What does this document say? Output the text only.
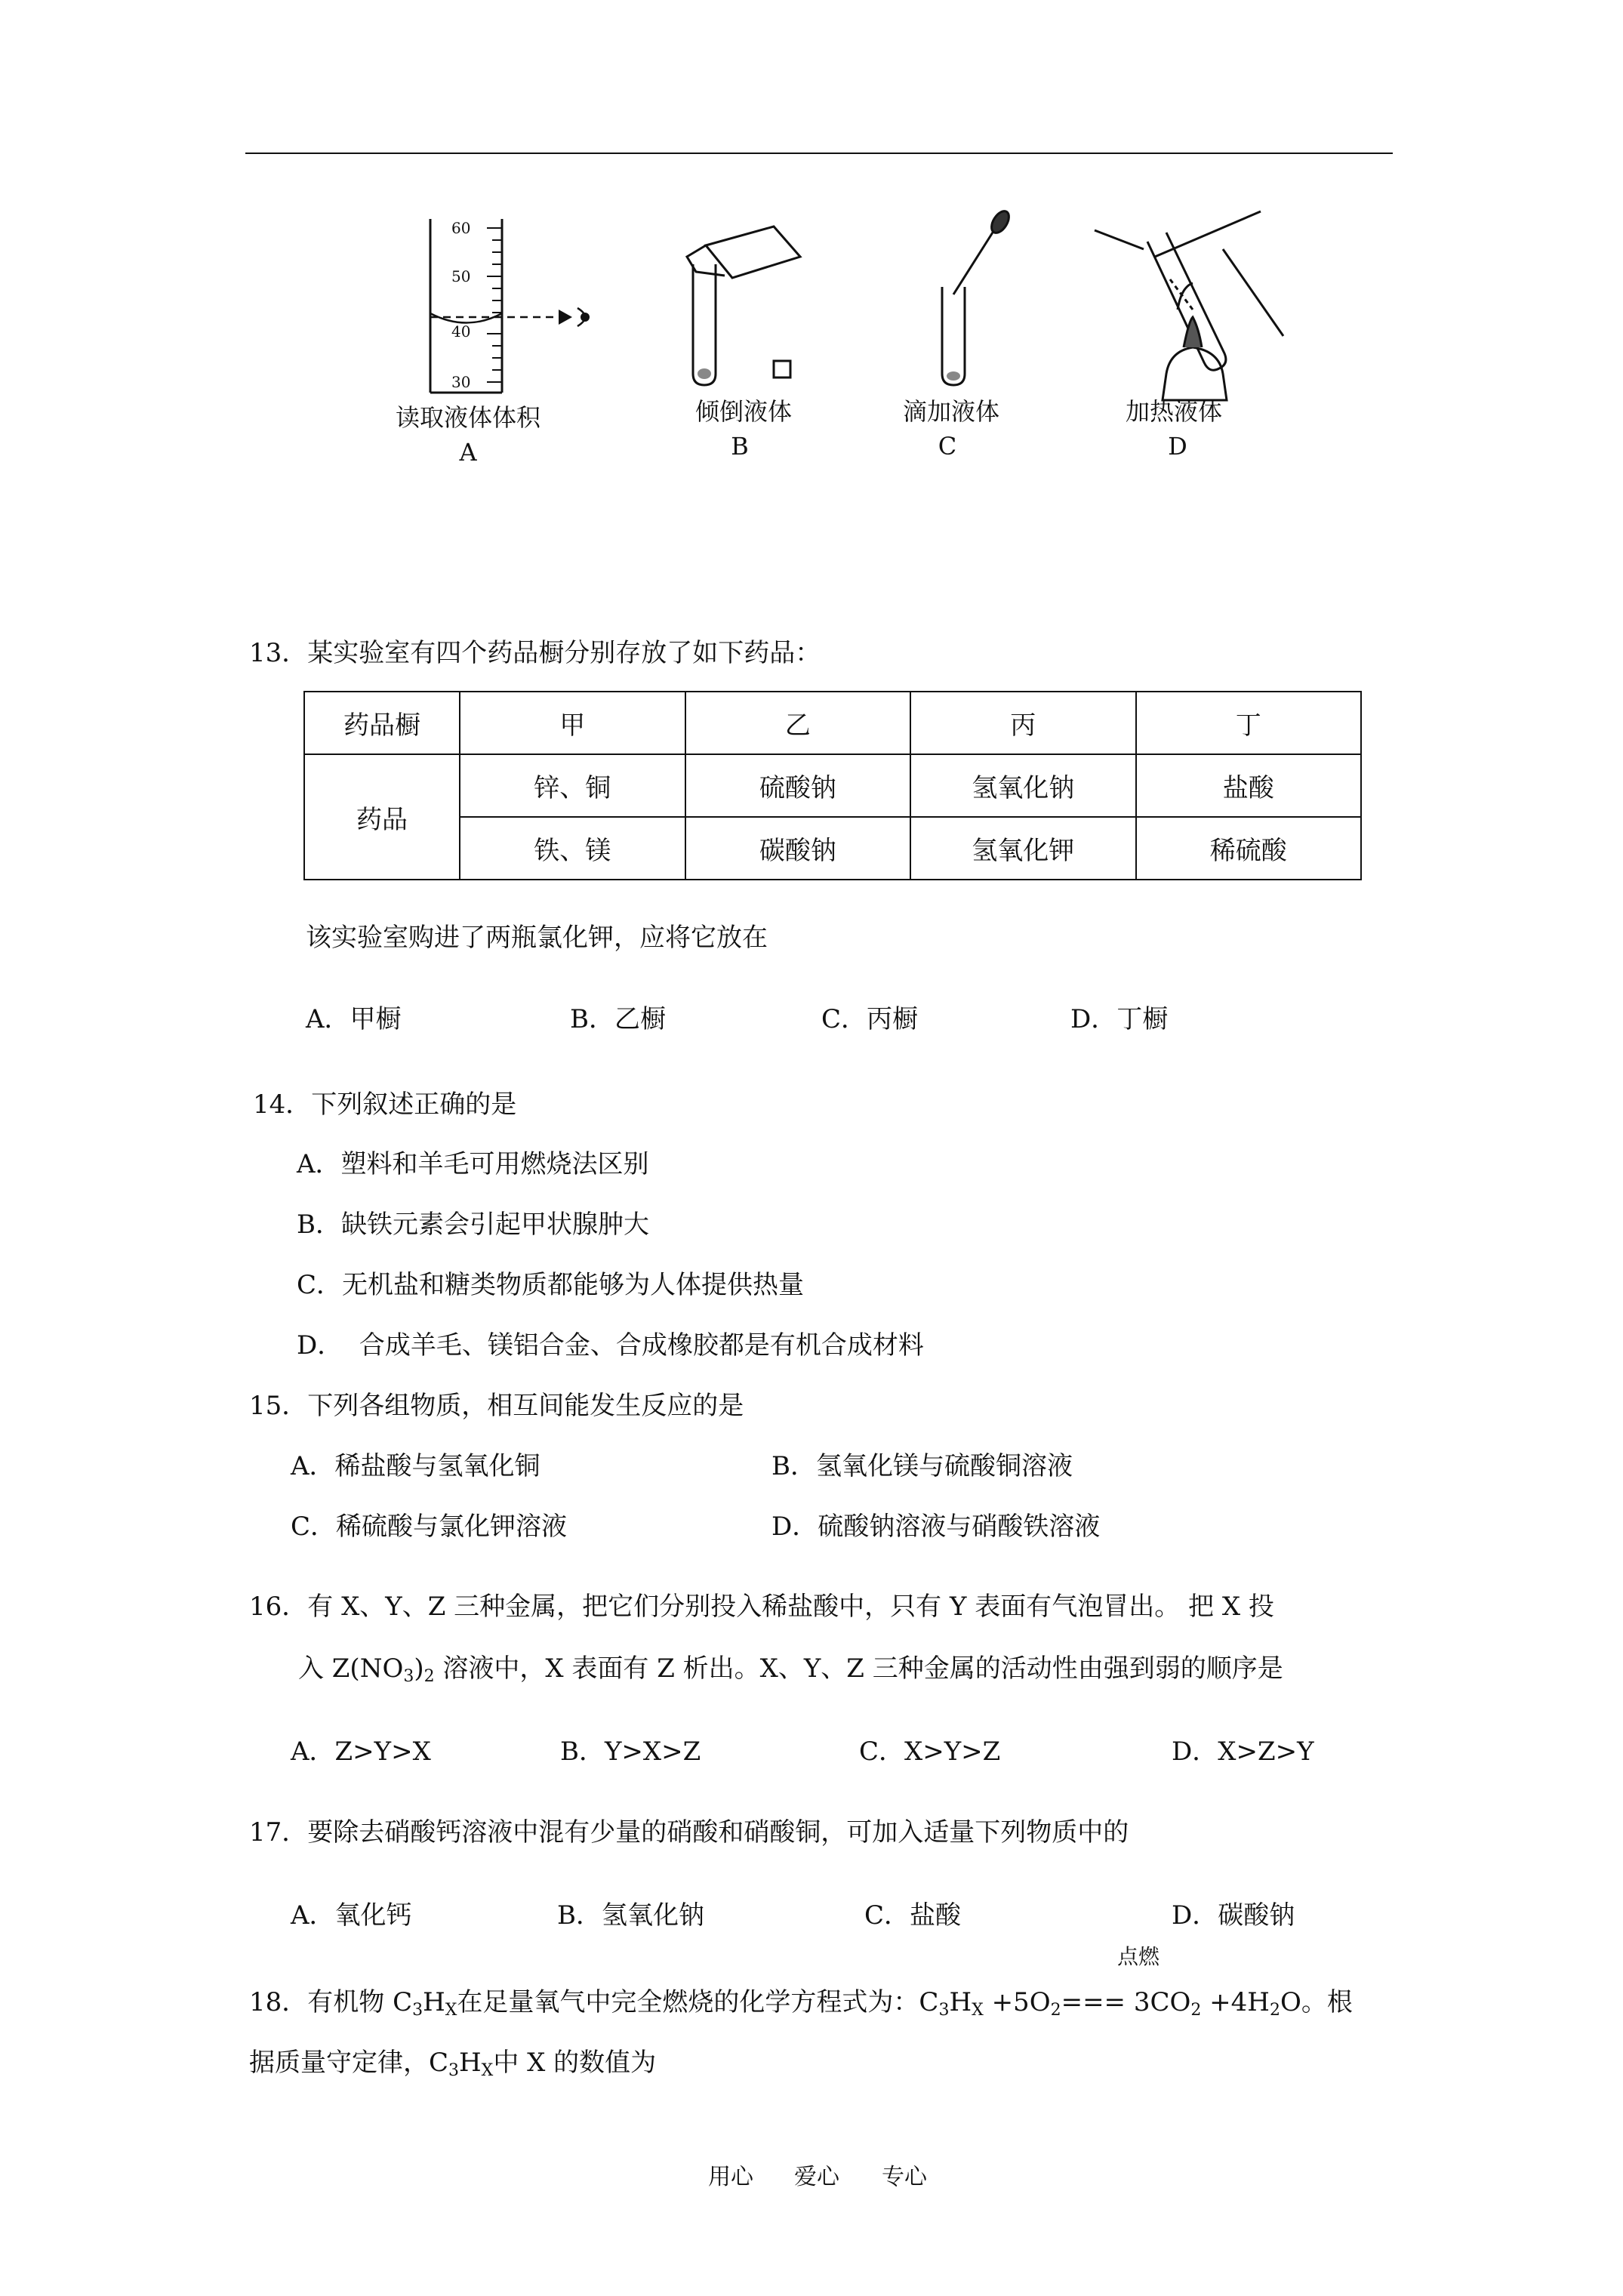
60
50
40
30
读取液体体积
A
倾倒液体
B
滴加液体
C
加热液体
D
13．某实验室有四个药品橱分别存放了如下药品：
药品橱	甲	乙	丙	丁
药品	锌、铜	硫酸钠	氢氧化钠	盐酸
	铁、镁	碳酸钠	氢氧化钾	稀硫酸
该实验室购进了两瓶氯化钾，应将它放在
A．甲橱	B．乙橱	C．丙橱	D．丁橱
14．下列叙述正确的是
A．塑料和羊毛可用燃烧法区别
B．缺铁元素会引起甲状腺肿大
C．无机盐和糖类物质都能够为人体提供热量
D．  合成羊毛、镁铝合金、合成橡胶都是有机合成材料
15．下列各组物质，相互间能发生反应的是
A．稀盐酸与氢氧化铜	B．氢氧化镁与硫酸铜溶液
C．稀硫酸与氯化钾溶液	D．硫酸钠溶液与硝酸铁溶液
16．有 X、Y、Z 三种金属，把它们分别投入稀盐酸中，只有 Y 表面有气泡冒出。 把 X 投
入 $Z(NO_3)_2$ 溶液中，X 表面有 Z 析出。X、Y、Z 三种金属的活动性由强到弱的顺序是
A．Z>Y>X	B．Y>X>Z	C．X>Y>Z	D．X>Z>Y
17．要除去硝酸钙溶液中混有少量的硝酸和硝酸铜，可加入适量下列物质中的
A．氧化钙	B．氢氧化钠	C．盐酸	D．碳酸钠
点燃
18．有机物 $C_3H_X$在足量氧气中完全燃烧的化学方程式为：$C_3H_X +5O_2=== 3CO_2 +4H_2O$。根
据质量守定律，$C_3H_X$中 X 的数值为
用心 爱心 专心
